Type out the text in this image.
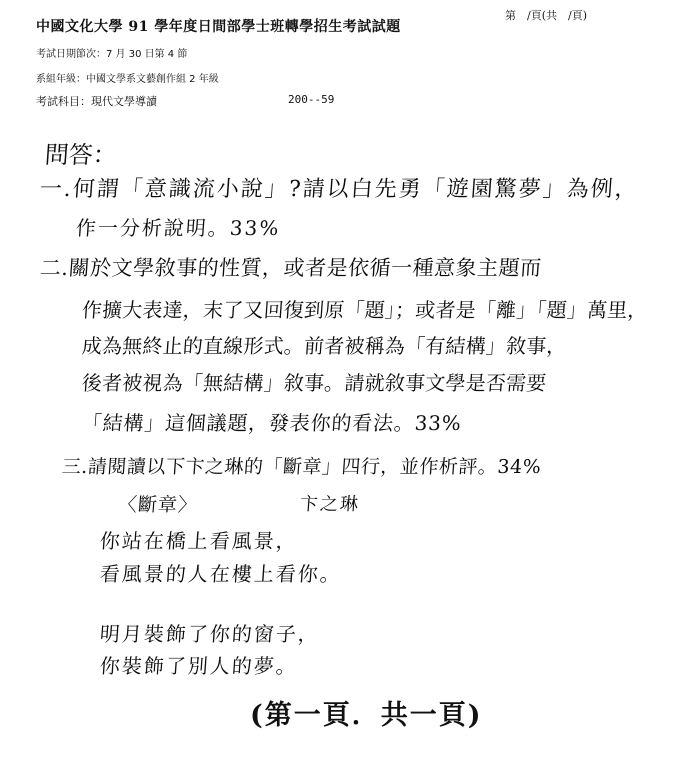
中國文化大學 91 學年度日間部學士班轉學招生考試試題
第　/頁(共　/頁)
考試日期節次：7 月 30 日第 4 節
系組年級：中國文學系文藝創作組 2 年級
考試科目：現代文學導讀	200--59
問答：
一.何謂「意識流小說」?請以白先勇「遊園驚夢」為例，
作一分析說明。33%
二.關於文學敘事的性質，或者是依循一種意象主題而
作擴大表達，末了又回復到原「題」；或者是「離」「題」萬里，
成為無終止的直線形式。前者被稱為「有結構」敘事，
後者被視為「無結構」敘事。請就敘事文學是否需要
「結構」這個議題，發表你的看法。33%
三.請閱讀以下卞之琳的「斷章」四行，並作析評。34%
〈斷章〉	卞之琳
你站在橋上看風景，
看風景的人在樓上看你。
明月裝飾了你的窗子，
你裝飾了別人的夢。
(第一頁．共一頁)
